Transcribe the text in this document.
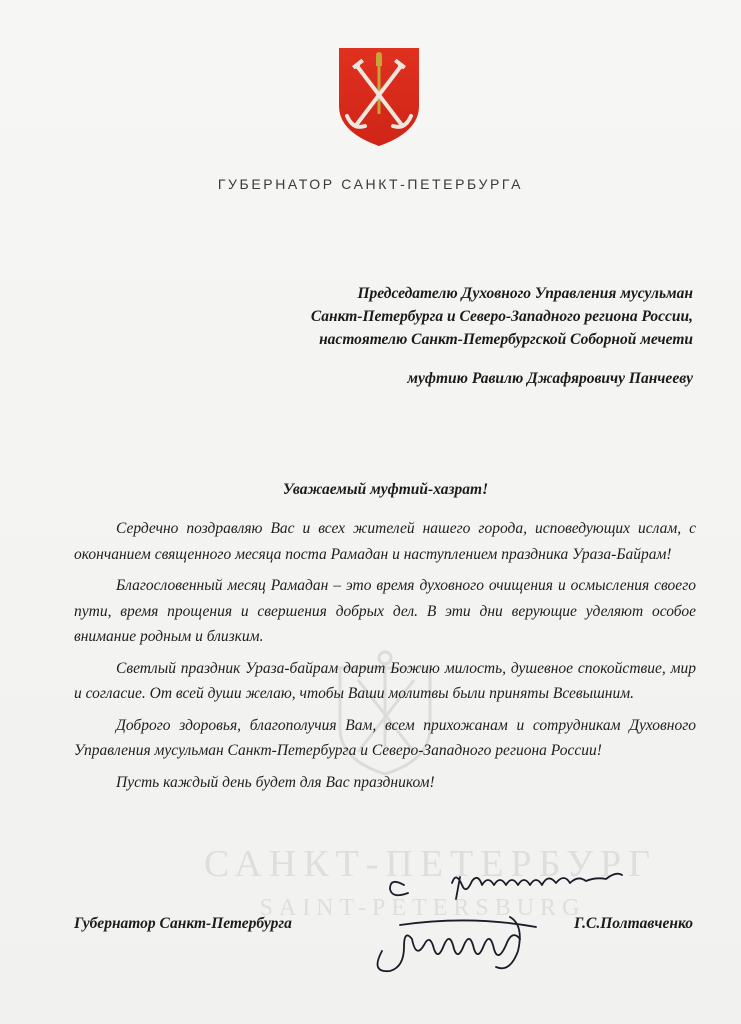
ГУБЕРНАТОР САНКТ-ПЕТЕРБУРГА
Председателю Духовного Управления мусульман
Санкт-Петербурга и Северо-Западного региона России,
настоятелю Санкт-Петербургской Соборной мечети
муфтию Равилю Джафяровичу Панчееву
Уважаемый муфтий-хазрат!

Сердечно поздравляю Вас и всех жителей нашего города, исповедующих ислам, с окончанием священного месяца поста Рамадан и наступлением праздника Ураза-Байрам!

Благословенный месяц Рамадан – это время духовного очищения и осмысления своего пути, время прощения и свершения добрых дел. В эти дни верующие уделяют особое внимание родным и близким.

Светлый праздник Ураза-байрам дарит Божию милость, душевное спокойствие, мир и согласие. От всей души желаю, чтобы Ваши молитвы были приняты Всевышним.

Доброго здоровья, благополучия Вам, всем прихожанам и сотрудникам Духовного Управления мусульман Санкт-Петербурга и Северо-Западного региона России!

Пусть каждый день будет для Вас праздником!

САНКТ-ПЕТЕРБУРГ
SAINT-PETERSBURG
Губернатор Санкт-Петербурга	Г.С.Полтавченко
